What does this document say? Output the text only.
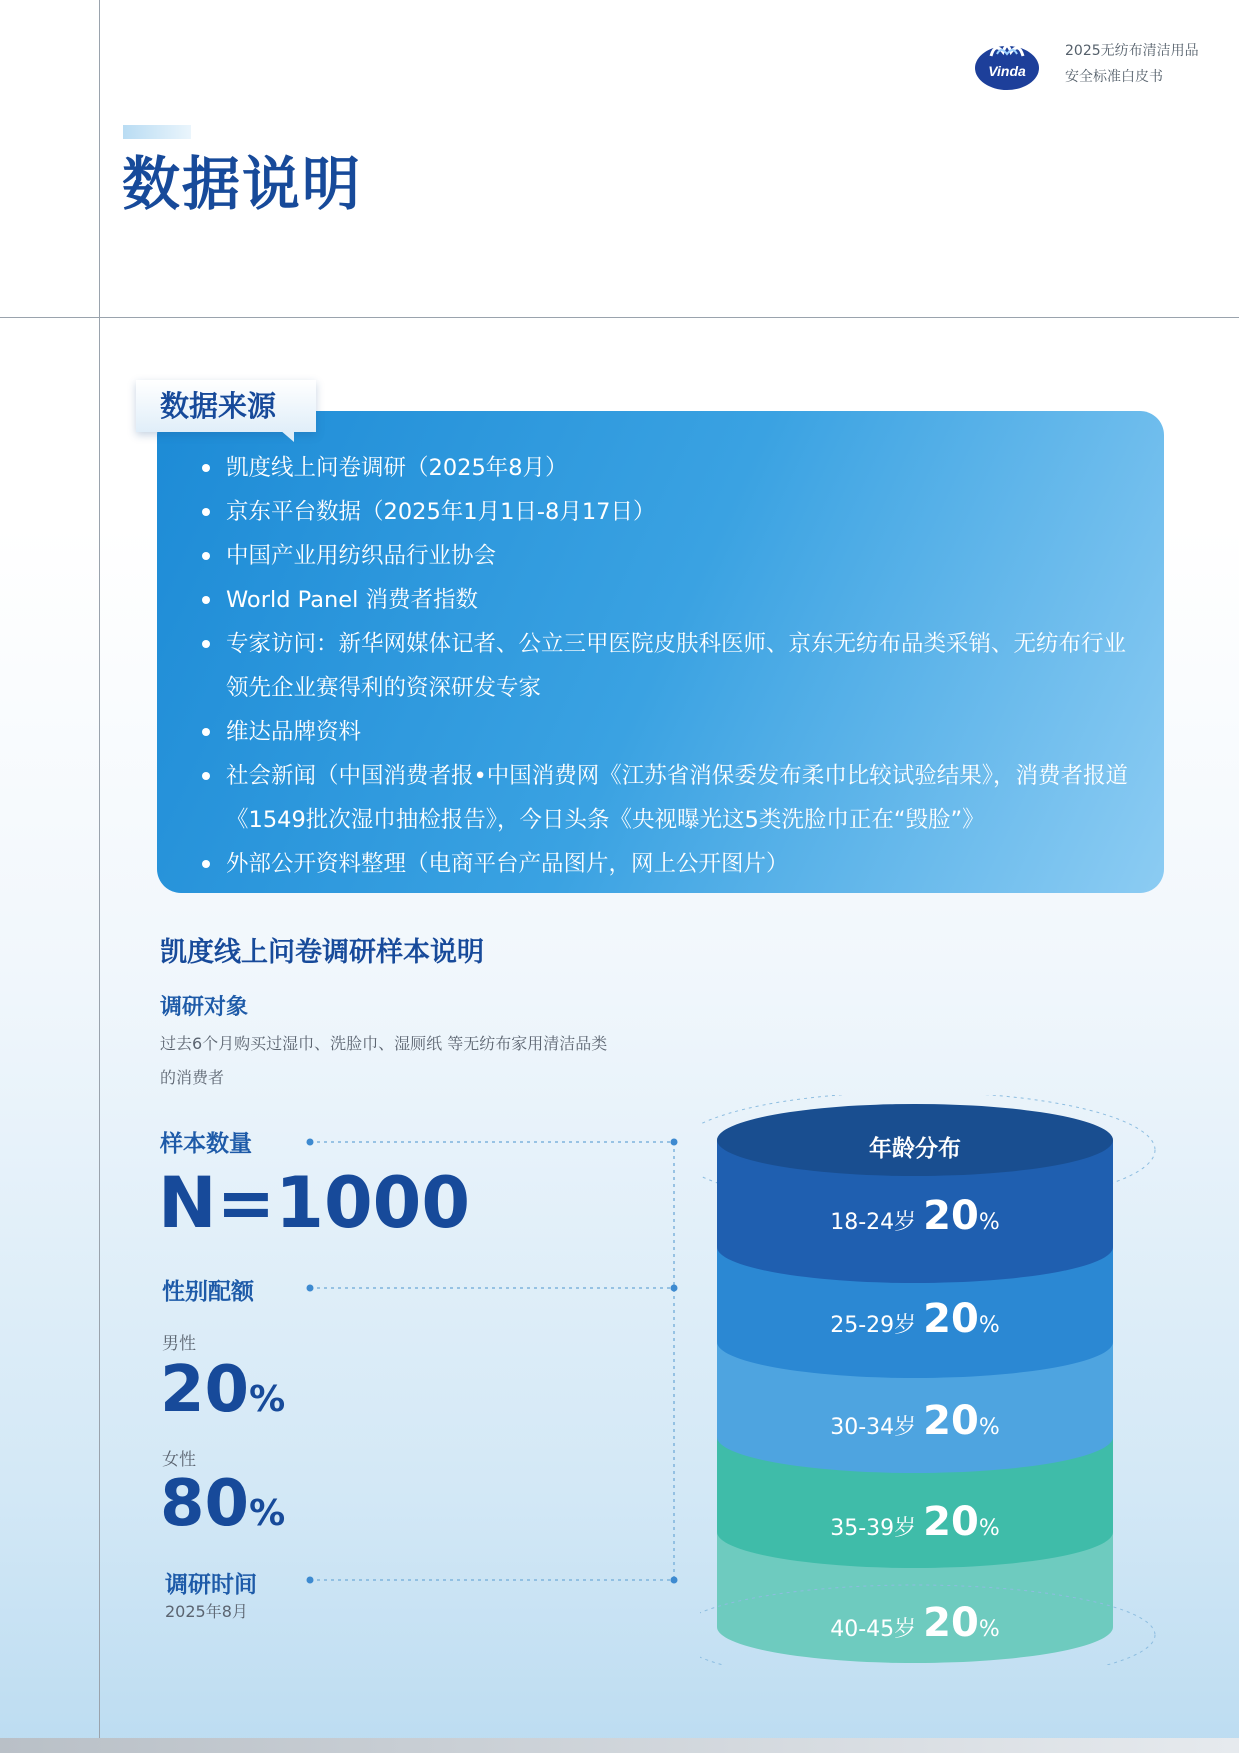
Vinda
2025无纺布清洁用品安全标准白皮书
数据说明
数据来源
凯度线上问卷调研（2025年8月）
京东平台数据（2025年1月1日-8月17日）
中国产业用纺织品行业协会
World Panel 消费者指数
专家访问：新华网媒体记者、公立三甲医院皮肤科医师、京东无纺布品类采销、无纺布行业领先企业赛得利的资深研发专家
维达品牌资料
社会新闻（中国消费者报•中国消费网《江苏省消保委发布柔巾比较试验结果》，消费者报道《1549批次湿巾抽检报告》，今日头条《央视曝光这5类洗脸巾正在“毁脸”》
外部公开资料整理（电商平台产品图片，网上公开图片）
凯度线上问卷调研样本说明
调研对象
过去6个月购买过湿巾、洗脸巾、湿厕纸 等无纺布家用清洁品类的消费者
样本数量
N=1000
性别配额
男性
20%
女性
80%
调研时间
2025年8月
年龄分布
18-24岁 20%
25-29岁 20%
30-34岁 20%
35-39岁 20%
40-45岁 20%
